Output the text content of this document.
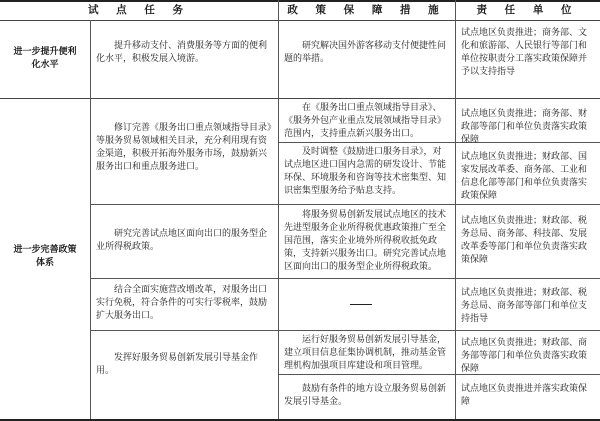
试 点 任 务	政 策 保 障 措 施	责 任 单 位
进一步提升便利化水平
进一步完善政策体系
提升移动支付、消费服务等方面的便利化水平，积极发展入境游。
研究解决国外游客移动支付便捷性问题的举措。
试点地区负责推进；商务部、文化和旅游部、人民银行等部门和单位按职责分工落实政策保障并予以支持指导
修订完善《服务出口重点领域指导目录》等服务贸易领域相关目录，充分利用现有资金渠道，积极开拓海外服务市场，鼓励新兴服务出口和重点服务进口。
在《服务出口重点领域指导目录》、《服务外包产业重点发展领域指导目录》范围内，支持重点新兴服务出口。
试点地区负责推进；商务部、财政部等部门和单位负责落实政策保障
及时调整《鼓励进口服务目录》，对试点地区进口国内急需的研发设计、节能环保、环境服务和咨询等技术密集型、知识密集型服务给予贴息支持。
试点地区负责推进；财政部、国家发展改革委、商务部、工业和信息化部等部门和单位负责落实政策保障
研究完善试点地区面向出口的服务型企业所得税政策。
将服务贸易创新发展试点地区的技术先进型服务企业所得税优惠政策推广至全国范围，落实企业境外所得税收抵免政策，支持新兴服务出口。研究完善试点地区面向出口的服务型企业所得税政策。
试点地区负责推进；财政部、税务总局、商务部、科技部、发展改革委等部门和单位负责落实政策保障
结合全面实施营改增改革，对服务出口实行免税，符合条件的可实行零税率，鼓励扩大服务出口。
试点地区负责推进；财政部、税务总局、商务部等部门和单位支持指导
发挥好服务贸易创新发展引导基金作用。
运行好服务贸易创新发展引导基金，建立项目信息征集协调机制，推动基金管理机构加强项目库建设和项目管理。
试点地区负责推进；财政部、商务部等部门和单位负责落实政策保障
鼓励有条件的地方设立服务贸易创新发展引导基金。
试点地区负责推进并落实政策保障
